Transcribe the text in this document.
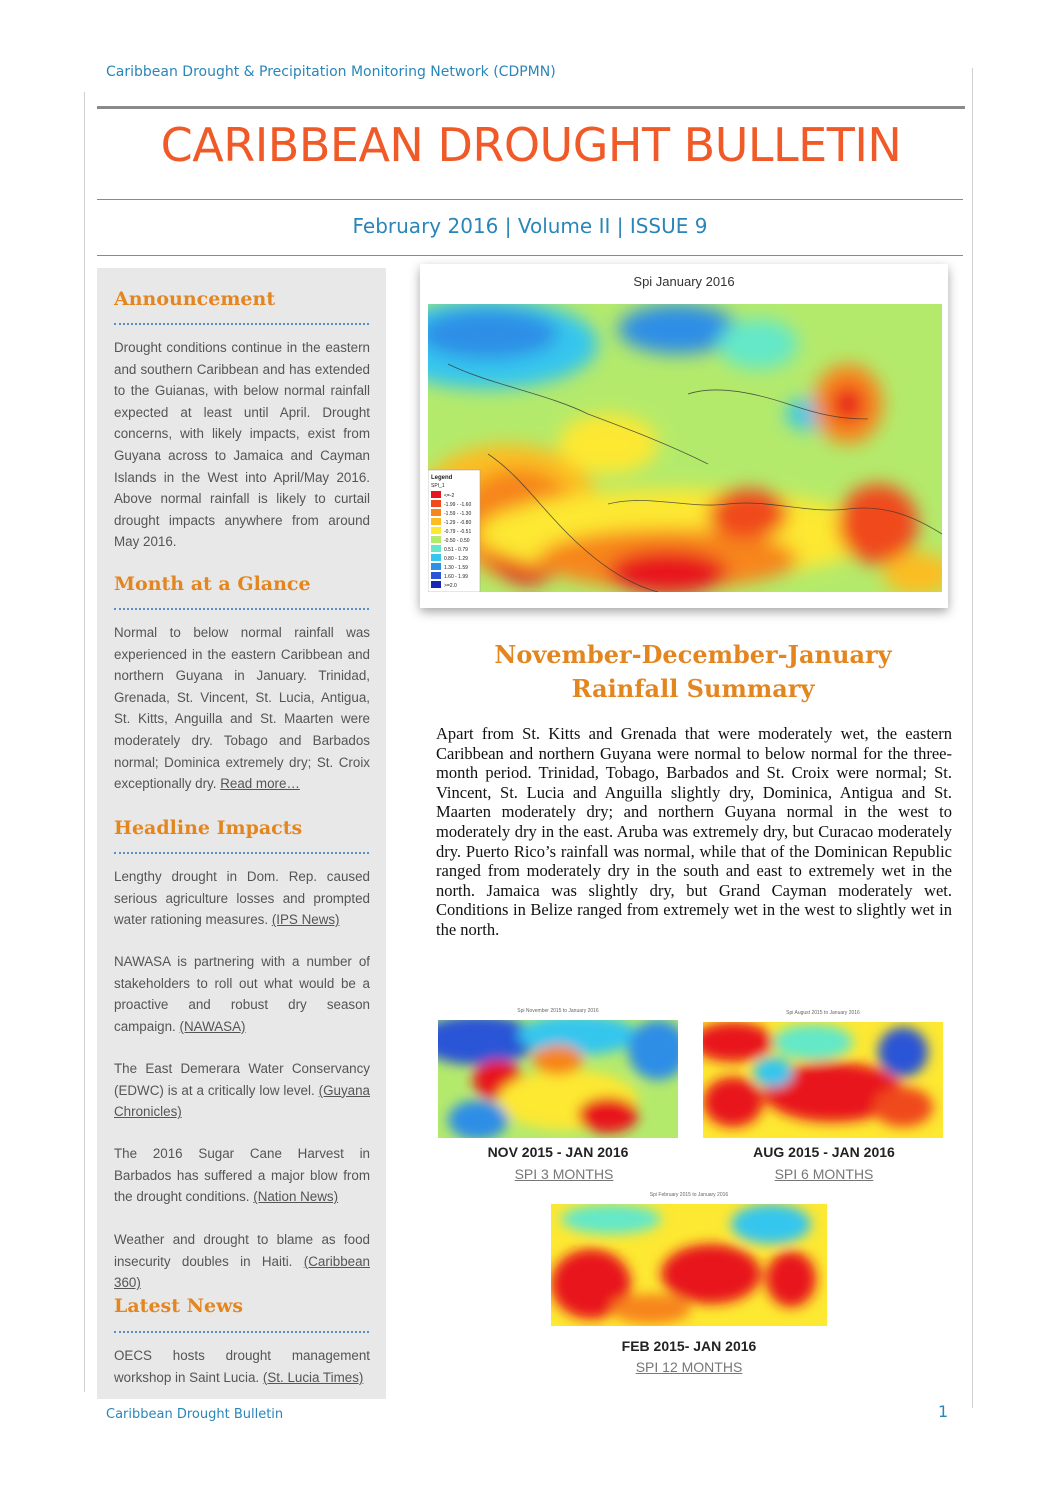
Caribbean Drought & Precipitation Monitoring Network (CDPMN)
CARIBBEAN DROUGHT BULLETIN
February 2016 | Volume II | ISSUE 9
Announcement
Drought conditions continue in the eastern and southern Caribbean and has extended to the Guianas, with below normal rainfall expected at least until April. Drought concerns, with likely impacts, exist from Guyana across to Jamaica and Cayman Islands in the West into April/May 2016. Above normal rainfall is likely to curtail drought impacts anywhere from around May 2016.
Month at a Glance
Normal to below normal rainfall was experienced in the eastern Caribbean and northern Guyana in January. Trinidad, Grenada, St. Vincent, St. Lucia, Antigua, St. Kitts, Anguilla and St. Maarten were moderately dry. Tobago and Barbados normal; Dominica extremely dry; St. Croix exceptionally dry. Read more…
Headline Impacts
Lengthy drought in Dom. Rep. caused serious agriculture losses and prompted water rationing measures. (IPS News)
NAWASA is partnering with a number of stakeholders to roll out what would be a proactive and robust dry season campaign. (NAWASA)
The East Demerara Water Conservancy (EDWC) is at a critically low level. (Guyana Chronicles)
The 2016 Sugar Cane Harvest in Barbados has suffered a major blow from the drought conditions. (Nation News)
Weather and drought to blame as food insecurity doubles in Haiti. (Caribbean 360)
Latest News
OECS hosts drought management workshop in Saint Lucia. (St. Lucia Times)
Spi January 2016
Legend
SPI_1
<=-2
-1.99 - -1.60
-1.59 - -1.30
-1.29 - -0.80
-0.79 - -0.51
-0.50 - 0.50
0.51 - 0.79
0.80 - 1.29
1.30 - 1.59
1.60 - 1.99
>=2.0
November-December-January
Rainfall Summary
Apart from St. Kitts and Grenada that were moderately wet, the eastern Caribbean and northern Guyana were normal to below normal for the three-month period. Trinidad, Tobago, Barbados and St. Croix were normal; St. Vincent, St. Lucia and Anguilla slightly dry, Dominica, Antigua and St. Maarten moderately dry; and northern Guyana normal in the west to moderately dry in the east. Aruba was extremely dry, but Curacao moderately dry. Puerto Rico’s rainfall was normal, while that of the Dominican Republic ranged from moderately dry in the south and east to extremely wet in the north. Jamaica was slightly dry, but Grand Cayman moderately wet. Conditions in Belize ranged from extremely wet in the west to slightly wet in the north.
Spi November 2015 to January 2016
NOV 2015 - JAN 2016
SPI 3 MONTHS
Spi August 2015 to January 2016
AUG 2015 - JAN 2016
SPI 6 MONTHS
Spi February 2015 to January 2016
FEB 2015- JAN 2016
SPI 12 MONTHS
Caribbean Drought Bulletin	1
